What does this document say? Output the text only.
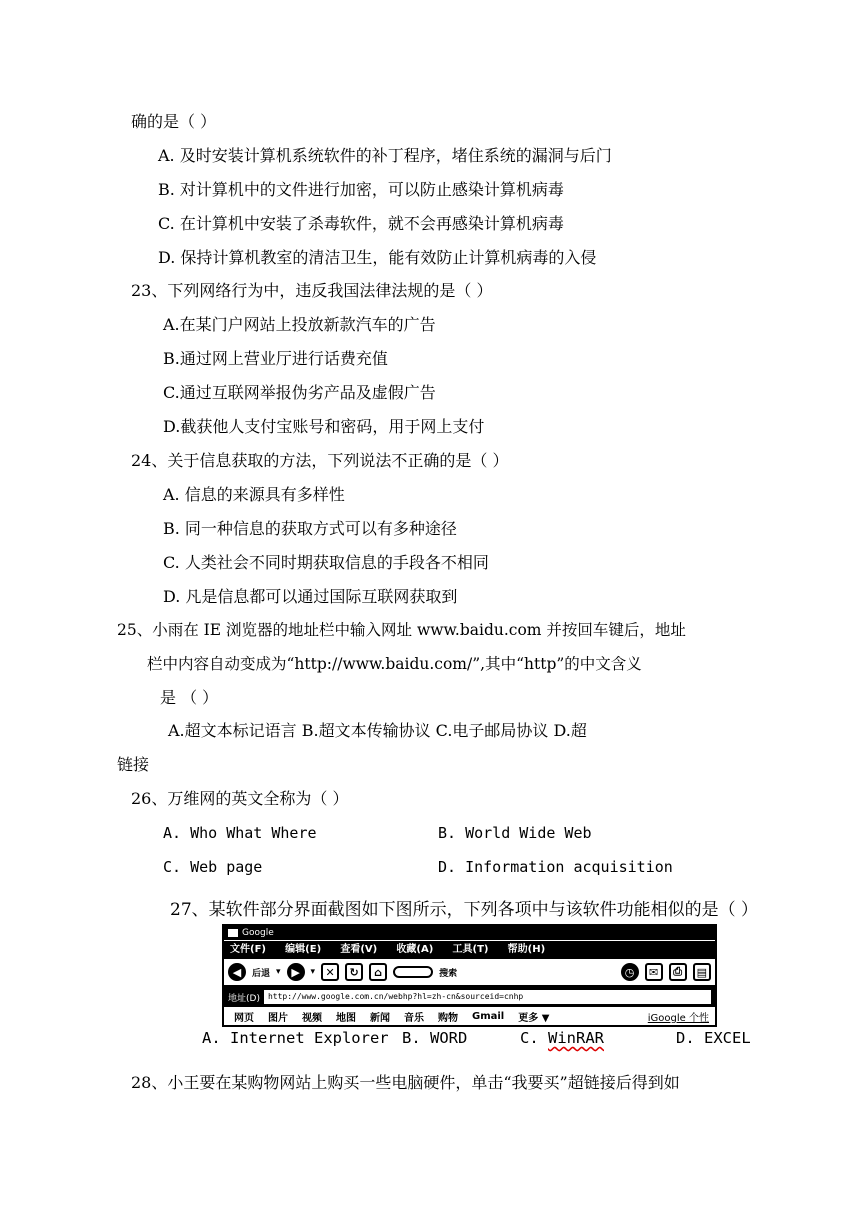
确的是（ ）
A. 及时安装计算机系统软件的补丁程序，堵住系统的漏洞与后门
B. 对计算机中的文件进行加密，可以防止感染计算机病毒
C. 在计算机中安装了杀毒软件，就不会再感染计算机病毒
D. 保持计算机教室的清洁卫生，能有效防止计算机病毒的入侵
23、下列网络行为中，违反我国法律法规的是（ ）
A.在某门户网站上投放新款汽车的广告
B.通过网上营业厅进行话费充值
C.通过互联网举报伪劣产品及虚假广告
D.截获他人支付宝账号和密码，用于网上支付
24、关于信息获取的方法，下列说法不正确的是（ ）
A. 信息的来源具有多样性
B. 同一种信息的获取方式可以有多种途径
C. 人类社会不同时期获取信息的手段各不相同
D. 凡是信息都可以通过国际互联网获取到
25、小雨在 IE 浏览器的地址栏中输入网址 www.baidu.com 并按回车键后，地址
栏中内容自动变成为“http://www.baidu.com/”,其中“http”的中文含义
是 （ ）
A.超文本标记语言 B.超文本传输协议 C.电子邮局协议 D.超
链接
26、万维网的英文全称为（ ）
A. Who What Where	B. World Wide Web
C. Web page	D. Information acquisition
27、某软件部分界面截图如下图所示，下列各项中与该软件功能相似的是（ ）
Google
文件(F) 编辑(E) 查看(V) 收藏(A) 工具(T) 帮助(H)
◀	后退 ▾ ▶	▾ ✕	↻	⌂	搜索	◷	✉	⎙	▤
地址(D)	http://www.google.com.cn/webhp?hl=zh-cn&sourceid=cnhp
网页 图片 视频 地图 新闻 音乐 购物 Gmail 更多 ▼	iGoogle 个性
A. Internet Explorer B. WORD	C. WinRAR	D. EXCEL
28、小王要在某购物网站上购买一些电脑硬件，单击“我要买”超链接后得到如
